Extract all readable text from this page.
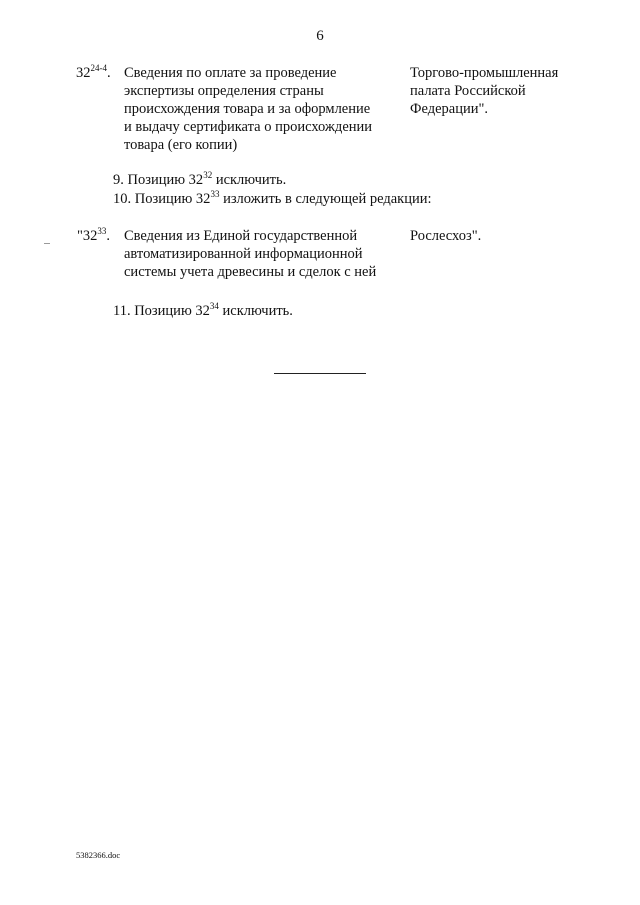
6
32$^{24-4}$. Сведения по оплате за проведение
экспертизы определения страны
происхождения товара и за оформление
и выдачу сертификата о происхождении
товара (его копии)
Торгово-промышленная
палата Российской
Федерации".
9. Позицию $32^{32}$ исключить.
10. Позицию $32^{33}$ изложить в следующей редакции:
"$32^{33}$. Сведения из Единой государственной
автоматизированной информационной
системы учета древесины и сделок с ней
Рослесхоз".
11. Позицию $32^{34}$ исключить.
5382366.doc
